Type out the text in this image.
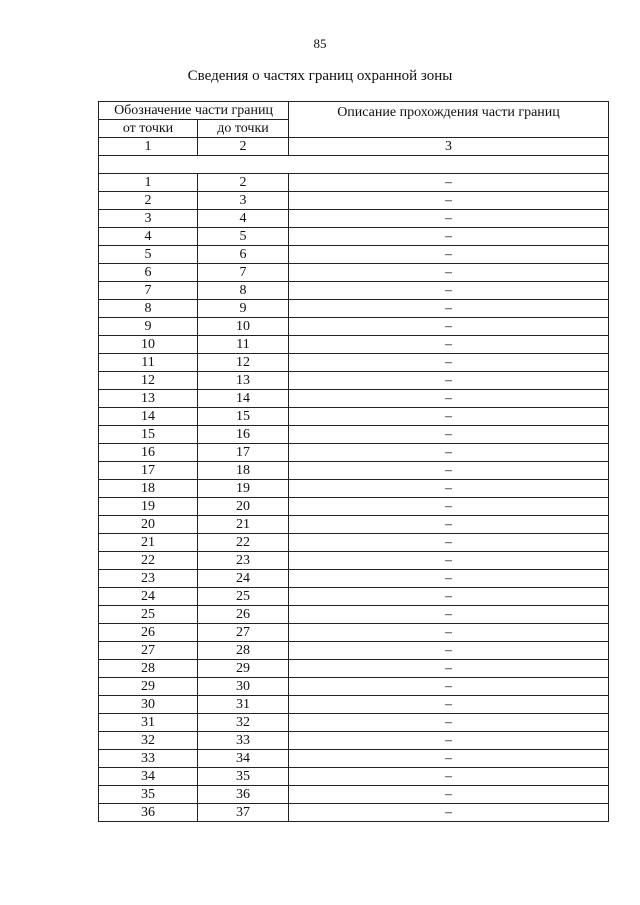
85
Сведения о частях границ охранной зоны
Обозначение части границ		Описание прохождения части границ
от точки	до точки	
1	2	3

1	2	–
2	3	–
3	4	–
4	5	–
5	6	–
6	7	–
7	8	–
8	9	–
9	10	–
10	11	–
11	12	–
12	13	–
13	14	–
14	15	–
15	16	–
16	17	–
17	18	–
18	19	–
19	20	–
20	21	–
21	22	–
22	23	–
23	24	–
24	25	–
25	26	–
26	27	–
27	28	–
28	29	–
29	30	–
30	31	–
31	32	–
32	33	–
33	34	–
34	35	–
35	36	–
36	37	–
